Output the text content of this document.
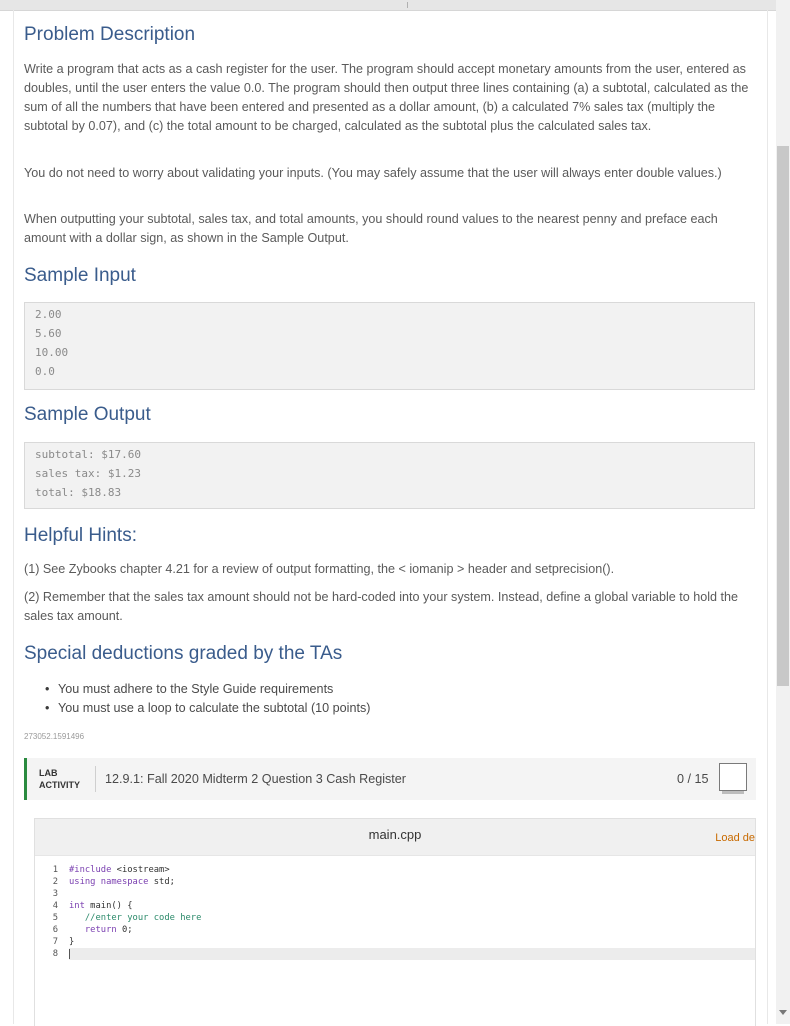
Problem Description

Write a program that acts as a cash register for the user. The program should accept monetary amounts from the user, entered as doubles, until the user enters the value 0.0. The program should then output three lines containing (a) a subtotal, calculated as the sum of all the numbers that have been entered and presented as a dollar amount, (b) a calculated 7% sales tax (multiply the subtotal by 0.07), and (c) the total amount to be charged, calculated as the subtotal plus the calculated sales tax.

You do not need to worry about validating your inputs. (You may safely assume that the user will always enter double values.)

When outputting your subtotal, sales tax, and total amounts, you should round values to the nearest penny and preface each amount with a dollar sign, as shown in the Sample Output.

Sample Input
2.00
5.60
10.00
0.0
Sample Output
subtotal: $17.60
sales tax: $1.23
total: $18.83
Helpful Hints:

(1) See Zybooks chapter 4.21 for a review of output formatting, the < iomanip > header and setprecision().

(2) Remember that the sales tax amount should not be hard-coded into your system. Instead, define a global variable to hold the sales tax amount.

Special deductions graded by the TAs
• You must adhere to the Style Guide requirements
• You must use a loop to calculate the subtotal (10 points)
273052.1591496
LAB
ACTIVITY 12.9.1: Fall 2020 Midterm 2 Question 3 Cash Register	0 / 15
main.cpp	Load de
1
2
3
4
5
6
7
8
#include <iostream>
using namespace std;
int main() {
//enter your code here
return 0;
}
